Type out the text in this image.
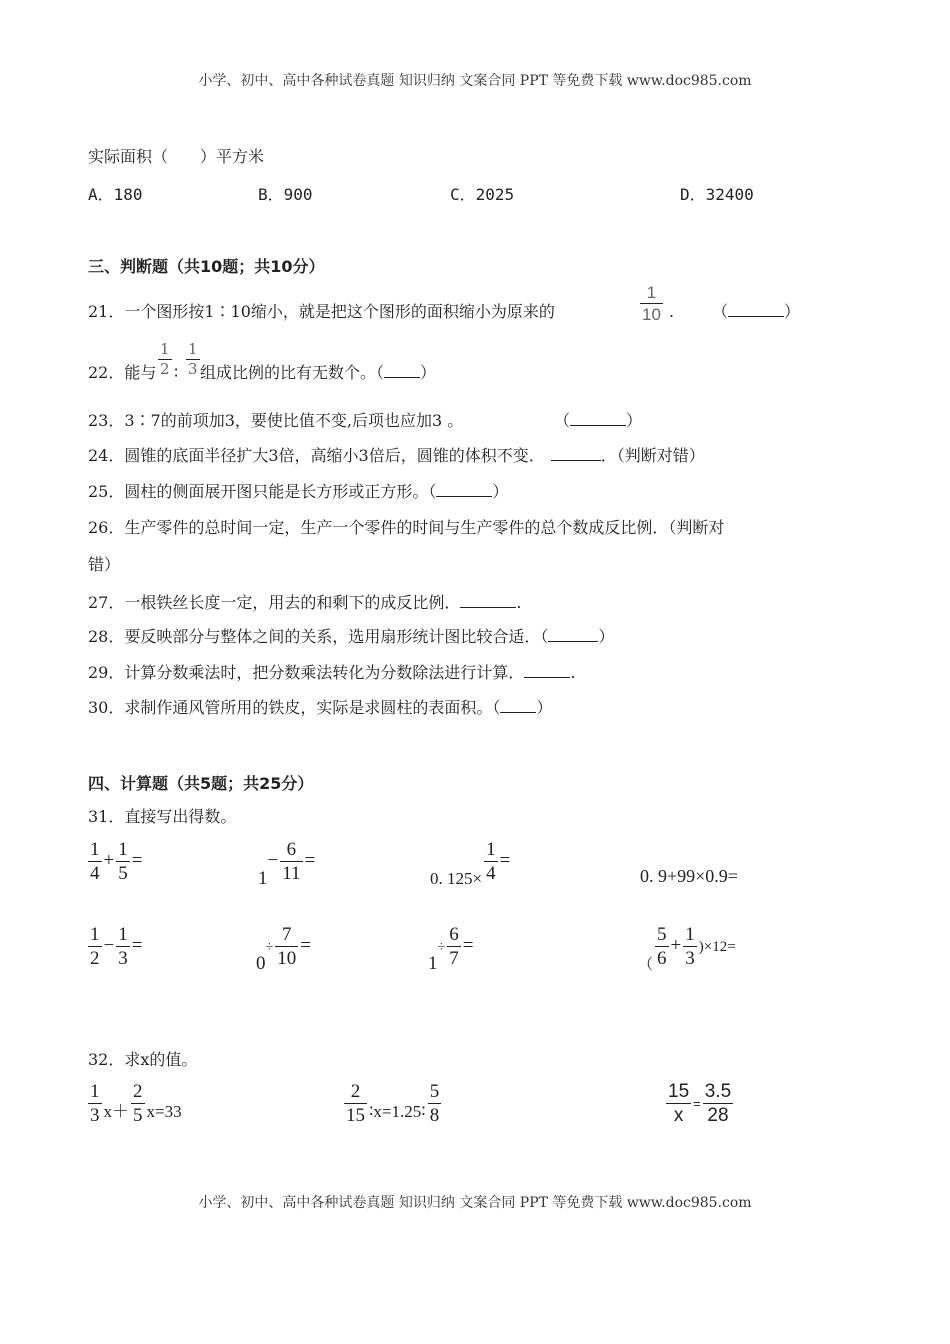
小学、初中、高中各种试卷真题 知识归纳 文案合同 PPT 等免费下载 www.doc985.com
实际面积（　　）平方米
A．180	B．900	C．2025	D．32400
三、判断题（共10题；共10分）
21．一个图形按1∶10缩小，就是把这个图形的面积缩小为原来的	$\frac{1}{10}$ . （	）
22．能与 $\frac{1}{2}$ ∶ $\frac{1}{3}$ 组成比例的比有无数个。（ ）
23．3∶7的前项加3，要使比值不变,后项也应加3 。	（	）
24．圆锥的底面半径扩大3倍，高缩小3倍后，圆锥的体积不变．	．（判断对错）
25．圆柱的侧面展开图只能是长方形或正方形。（	）
26．生产零件的总时间一定，生产一个零件的时间与生产零件的总个数成反比例．（判断对
错）
27．一根铁丝长度一定，用去的和剩下的成反比例．	.
28．要反映部分与整体之间的关系，选用扇形统计图比较合适．（	）
29．计算分数乘法时，把分数乘法转化为分数除法进行计算．	.
30．求制作通风管所用的铁皮，实际是求圆柱的表面积。（ ）
四、计算题（共5题；共25分）
31．直接写出得数。
$\frac{1}{4} + \frac{1}{5}$ =
$1- \frac{6}{11}$ =
0. $125\times \frac{1}{4}$ =
0. 9+99×0.9=
$\frac{1}{2} - \frac{1}{3}$ =
$0\div \frac{7}{10}$ =
$1\div \frac{6}{7}$ =
$_( \frac{5}{6} + \frac{1}{3} )\times 12=$
32．求x的值。
$\frac{1}{3} x+ \frac{2}{5} x=33$	$\frac{2}{15}$ ∶x=1.25∶ $\frac{5}{8}$	$\frac{15}{x} = \frac{3.5}{28}$
小学、初中、高中各种试卷真题 知识归纳 文案合同 PPT 等免费下载 www.doc985.com
